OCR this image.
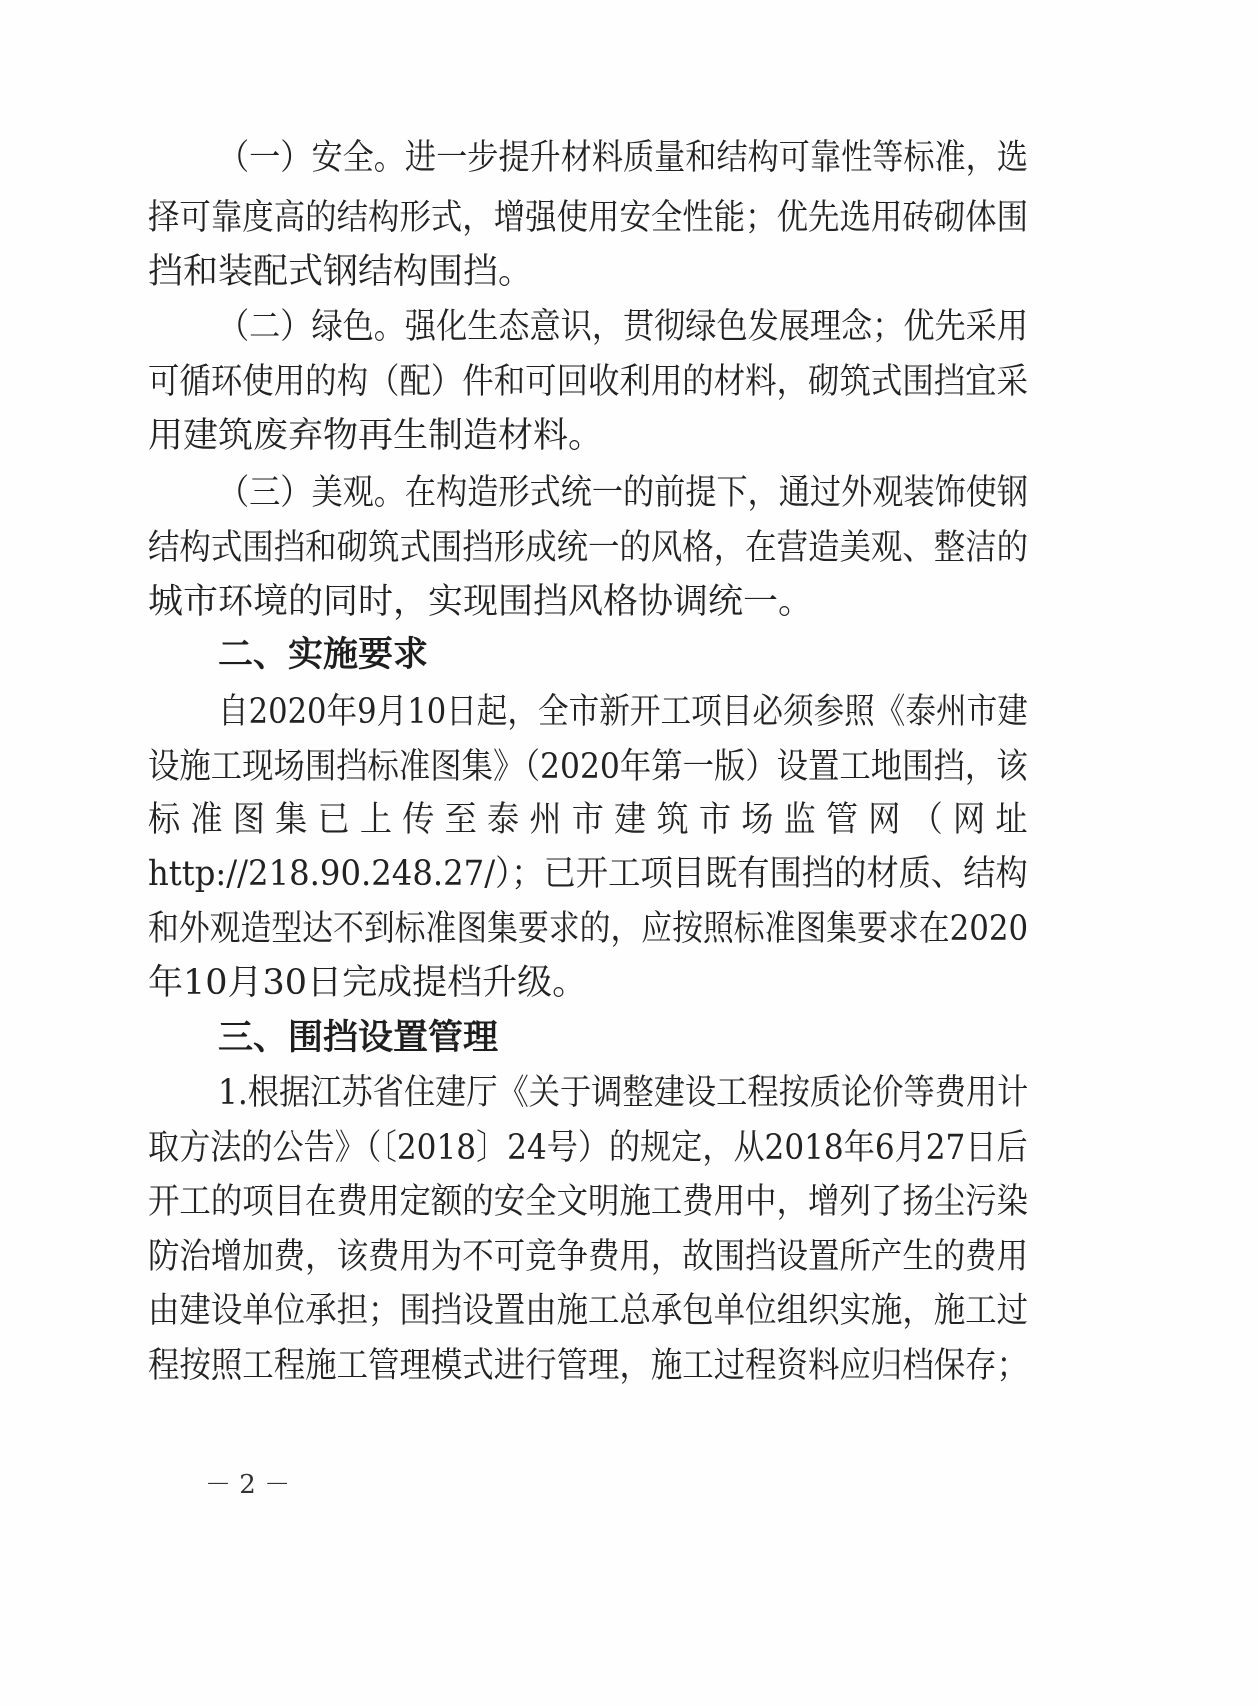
（一）安全。进一步提升材料质量和结构可靠性等标准，选
择可靠度高的结构形式，增强使用安全性能；优先选用砖砌体围
挡和装配式钢结构围挡。
（二）绿色。强化生态意识，贯彻绿色发展理念；优先采用
可循环使用的构（配）件和可回收利用的材料，砌筑式围挡宜采
用建筑废弃物再生制造材料。
（三）美观。在构造形式统一的前提下，通过外观装饰使钢
结构式围挡和砌筑式围挡形成统一的风格，在营造美观、整洁的
城市环境的同时，实现围挡风格协调统一。
二、实施要求
自2020年9月10日起，全市新开工项目必须参照《泰州市建
设施工现场围挡标准图集》（2020年第一版）设置工地围挡，该
标 准 图 集 已 上 传 至 泰 州 市 建 筑 市 场 监 管 网 （ 网 址
http://218.90.248.27/）；已开工项目既有围挡的材质、结构
和外观造型达不到标准图集要求的，应按照标准图集要求在2020
年10月30日完成提档升级。
三、围挡设置管理
1.根据江苏省住建厅《关于调整建设工程按质论价等费用计
取方法的公告》（〔2018〕24号）的规定，从2018年6月27日后
开工的项目在费用定额的安全文明施工费用中，增列了扬尘污染
防治增加费，该费用为不可竞争费用，故围挡设置所产生的费用
由建设单位承担；围挡设置由施工总承包单位组织实施，施工过
程按照工程施工管理模式进行管理，施工过程资料应归档保存；
－ 2 －
